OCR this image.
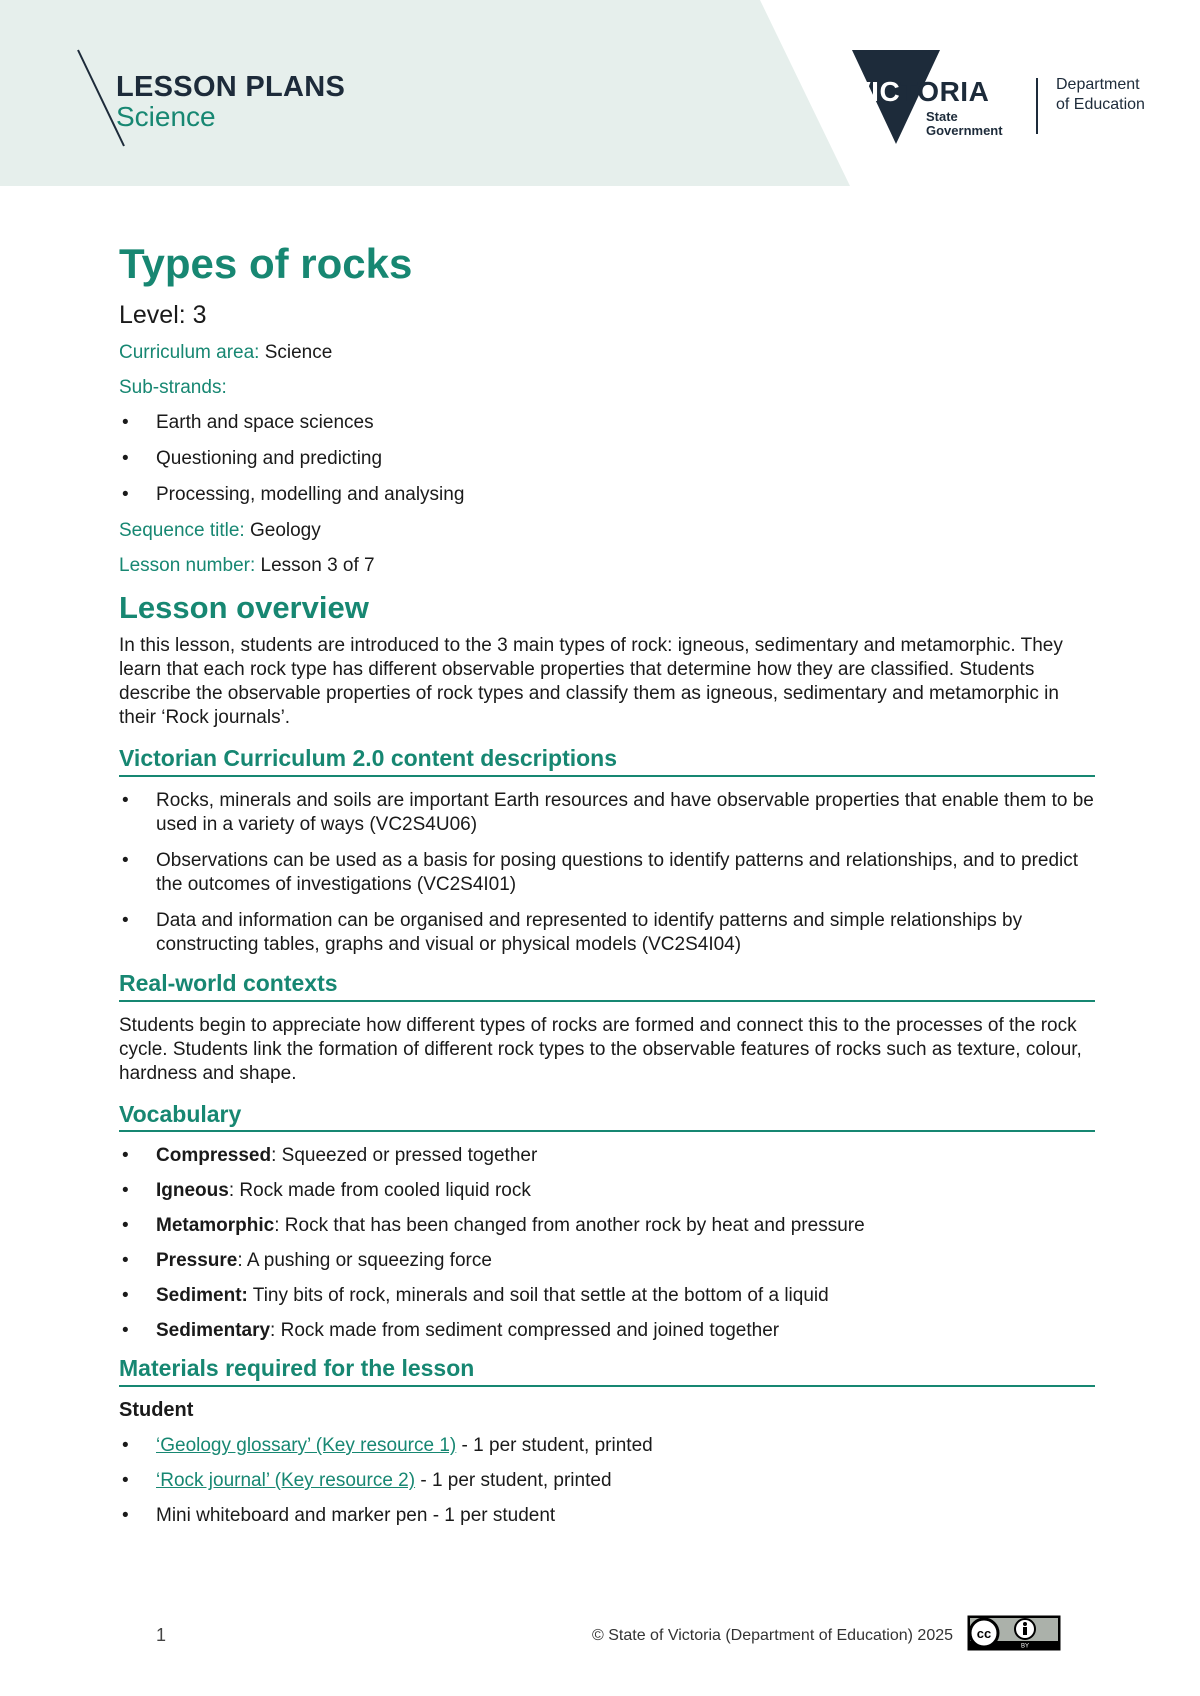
LESSON PLANS
Science
VICTORIA
State
Government
Department
of Education
Types of rocks
Level: 3

Curriculum area: Science

Sub-strands:

• Earth and space sciences
• Questioning and predicting
• Processing, modelling and analysing

Sequence title: Geology

Lesson number: Lesson 3 of 7

Lesson overview

In this lesson, students are introduced to the 3 main types of rock: igneous, sedimentary and metamorphic. They learn that each rock type has different observable properties that determine how they are classified. Students describe the observable properties of rock types and classify them as igneous, sedimentary and metamorphic in their ‘Rock journals’.

Victorian Curriculum 2.0 content descriptions
• Rocks, minerals and soils are important Earth resources and have observable properties that enable them to be used in a variety of ways (VC2S4U06)
• Observations can be used as a basis for posing questions to identify patterns and relationships, and to predict the outcomes of investigations (VC2S4I01)
• Data and information can be organised and represented to identify patterns and simple relationships by constructing tables, graphs and visual or physical models (VC2S4I04)
Real-world contexts

Students begin to appreciate how different types of rocks are formed and connect this to the processes of the rock cycle. Students link the formation of different rock types to the observable features of rocks such as texture, colour, hardness and shape.

Vocabulary
• Compressed: Squeezed or pressed together
• Igneous: Rock made from cooled liquid rock
• Metamorphic: Rock that has been changed from another rock by heat and pressure
• Pressure: A pushing or squeezing force
• Sediment: Tiny bits of rock, minerals and soil that settle at the bottom of a liquid
• Sedimentary: Rock made from sediment compressed and joined together
Materials required for the lesson
Student
• ‘Geology glossary’ (Key resource 1) - 1 per student, printed
• ‘Rock journal’ (Key resource 2) - 1 per student, printed
• Mini whiteboard and marker pen - 1 per student
1	© State of Victoria (Department of Education) 2025 cc
BY
